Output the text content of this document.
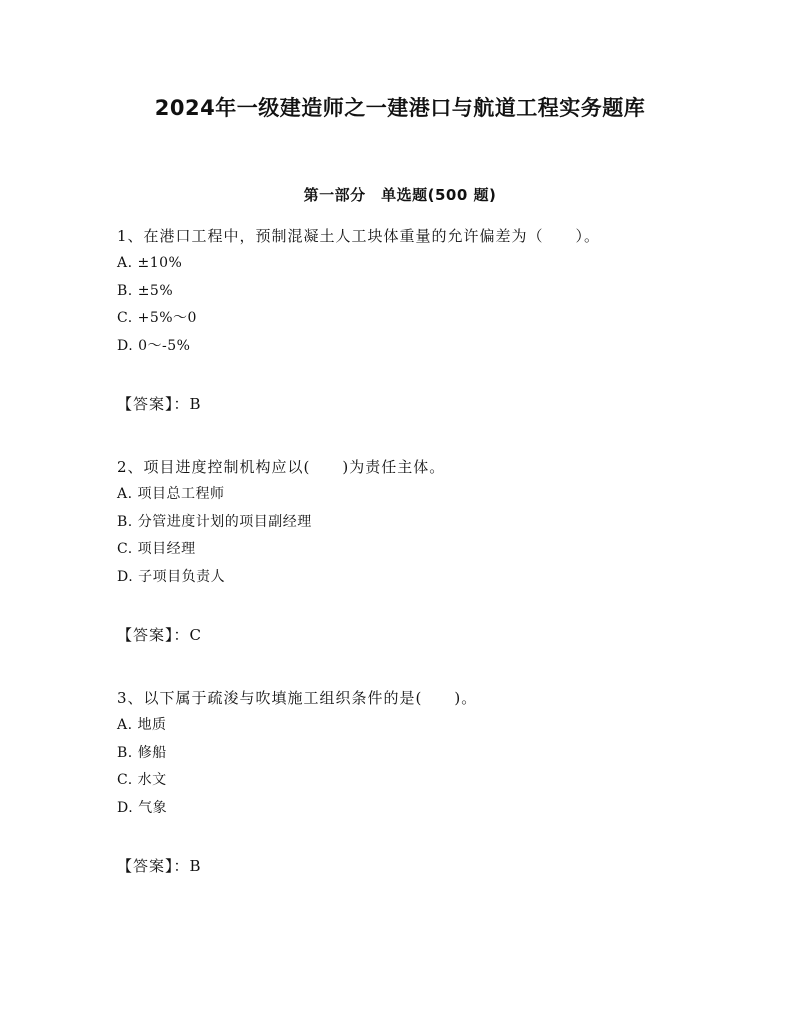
2024年一级建造师之一建港口与航道工程实务题库
第一部分　单选题(500 题)
1、在港口工程中，预制混凝土人工块体重量的允许偏差为（　　）。
A. ±10%
B. ±5%
C. +5%～0
D. 0～-5%
【答案】：B
2、项目进度控制机构应以(　　)为责任主体。
A. 项目总工程师
B. 分管进度计划的项目副经理
C. 项目经理
D. 子项目负责人
【答案】：C
3、以下属于疏浚与吹填施工组织条件的是(　　)。
A. 地质
B. 修船
C. 水文
D. 气象
【答案】：B
